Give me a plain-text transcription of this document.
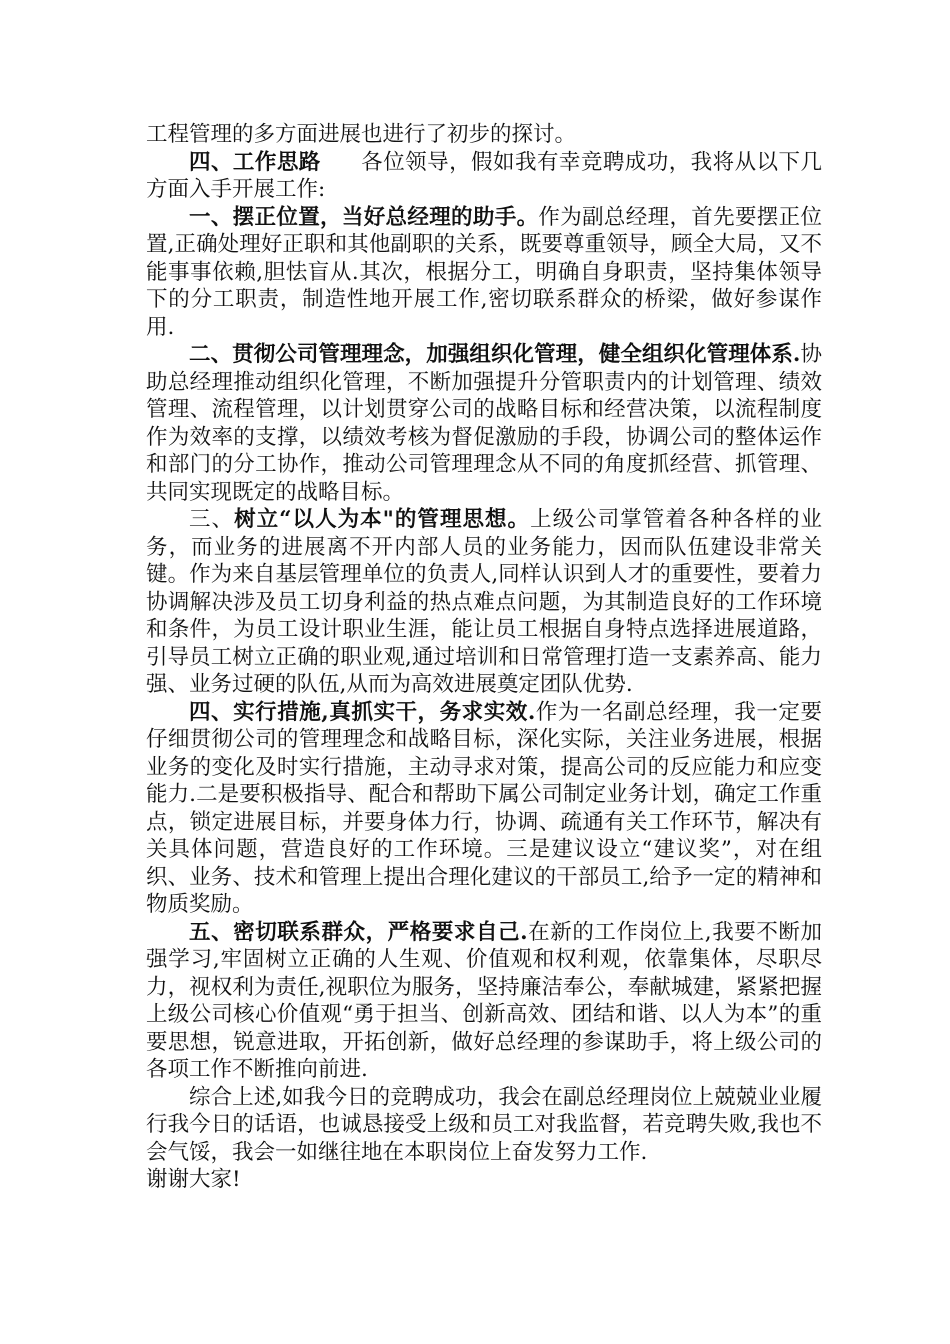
工程管理的多方面进展也进行了初步的探讨。

四、工作思路 各位领导，假如我有幸竞聘成功，我将从以下几方面入手开展工作:

一、摆正位置，当好总经理的助手。作为副总经理，首先要摆正位置,正确处理好正职和其他副职的关系，既要尊重领导，顾全大局，又不能事事依赖,胆怯盲从.其次，根据分工，明确自身职责，坚持集体领导下的分工职责，制造性地开展工作,密切联系群众的桥梁，做好参谋作用.

二、贯彻公司管理理念，加强组织化管理，健全组织化管理体系.协助总经理推动组织化管理，不断加强提升分管职责内的计划管理、绩效管理、流程管理，以计划贯穿公司的战略目标和经营决策，以流程制度作为效率的支撑，以绩效考核为督促激励的手段，协调公司的整体运作和部门的分工协作，推动公司管理理念从不同的角度抓经营、抓管理、共同实现既定的战略目标。

三、树立“以人为本"的管理思想。上级公司掌管着各种各样的业务，而业务的进展离不开内部人员的业务能力，因而队伍建设非常关键。作为来自基层管理单位的负责人,同样认识到人才的重要性，要着力协调解决涉及员工切身利益的热点难点问题，为其制造良好的工作环境和条件，为员工设计职业生涯，能让员工根据自身特点选择进展道路，引导员工树立正确的职业观,通过培训和日常管理打造一支素养高、能力强、业务过硬的队伍,从而为高效进展奠定团队优势.

四、实行措施,真抓实干，务求实效.作为一名副总经理，我一定要仔细贯彻公司的管理理念和战略目标，深化实际，关注业务进展，根据业务的变化及时实行措施，主动寻求对策，提高公司的反应能力和应变能力.二是要积极指导、配合和帮助下属公司制定业务计划，确定工作重点，锁定进展目标，并要身体力行，协调、疏通有关工作环节，解决有关具体问题，营造良好的工作环境。三是建议设立“建议奖”，对在组织、业务、技术和管理上提出合理化建议的干部员工,给予一定的精神和物质奖励。

五、密切联系群众，严格要求自己.在新的工作岗位上,我要不断加强学习,牢固树立正确的人生观、价值观和权利观，依靠集体，尽职尽力，视权利为责任,视职位为服务，坚持廉洁奉公，奉献城建，紧紧把握上级公司核心价值观“勇于担当、创新高效、团结和谐、以人为本”的重要思想，锐意进取，开拓创新，做好总经理的参谋助手，将上级公司的各项工作不断推向前进.

综合上述,如我今日的竞聘成功，我会在副总经理岗位上兢兢业业履行我今日的话语，也诚恳接受上级和员工对我监督，若竞聘失败,我也不会气馁，我会一如继往地在本职岗位上奋发努力工作.

谢谢大家!
